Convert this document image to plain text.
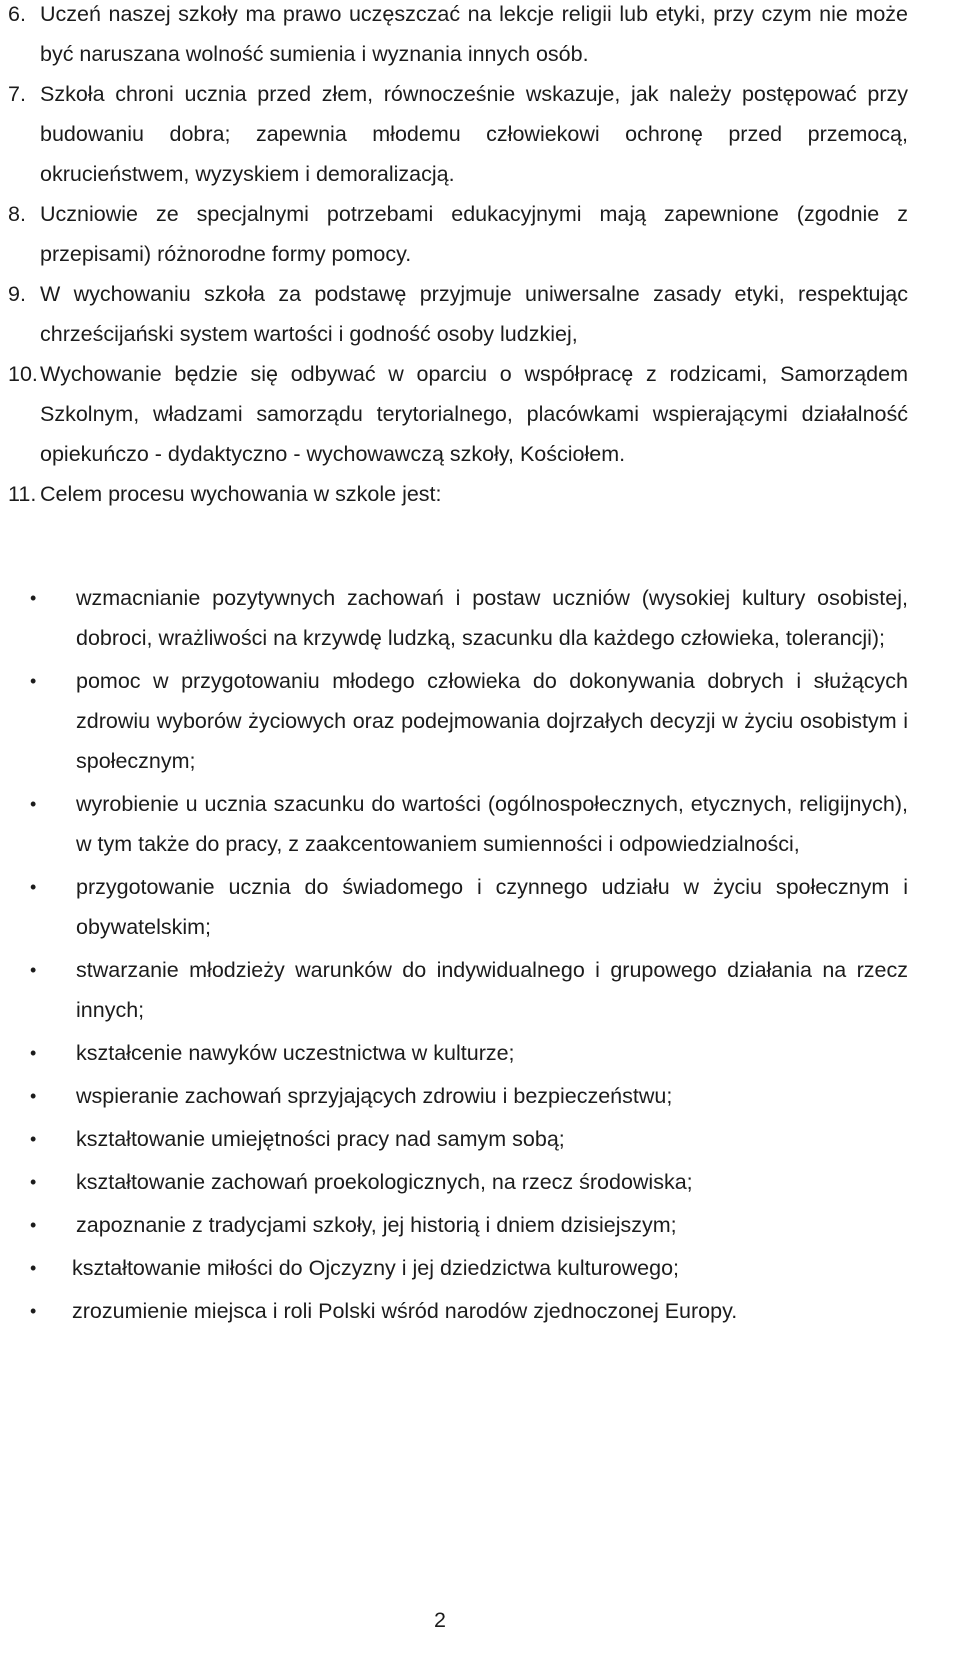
6. Uczeń naszej szkoły ma prawo uczęszczać na lekcje religii lub etyki, przy czym nie może być naruszana wolność sumienia i wyznania innych osób.
7. Szkoła chroni ucznia przed złem, równocześnie wskazuje, jak należy postępować przy budowaniu dobra; zapewnia młodemu człowiekowi ochronę przed przemocą, okrucieństwem, wyzyskiem i demoralizacją.
8. Uczniowie ze specjalnymi potrzebami edukacyjnymi mają zapewnione (zgodnie z przepisami) różnorodne formy pomocy.
9. W wychowaniu szkoła za podstawę przyjmuje uniwersalne zasady etyki, respektując chrześcijański system wartości i godność osoby ludzkiej,
10. Wychowanie będzie się odbywać w oparciu o współpracę z rodzicami, Samorządem Szkolnym, władzami samorządu terytorialnego, placówkami wspierającymi działalność opiekuńczo - dydaktyczno - wychowawczą szkoły, Kościołem.
11. Celem procesu wychowania w szkole jest:
•	wzmacnianie pozytywnych zachowań i postaw uczniów (wysokiej kultury osobistej, dobroci, wrażliwości na krzywdę ludzką, szacunku dla każdego człowieka, tolerancji);
•	pomoc w przygotowaniu młodego człowieka do dokonywania dobrych i służących zdrowiu wyborów życiowych oraz podejmowania dojrzałych decyzji w życiu osobistym i społecznym;
•	wyrobienie u ucznia szacunku do wartości (ogólnospołecznych, etycznych, religijnych), w tym także do pracy, z zaakcentowaniem sumienności i odpowiedzialności,
•	przygotowanie ucznia do świadomego i czynnego udziału w życiu społecznym i obywatelskim;
•	stwarzanie młodzieży warunków do indywidualnego i grupowego działania na rzecz innych;
•	kształcenie nawyków uczestnictwa w kulturze;
•	wspieranie zachowań sprzyjających zdrowiu i bezpieczeństwu;
•	kształtowanie umiejętności pracy nad samym sobą;
•	kształtowanie zachowań proekologicznych, na rzecz środowiska;
•	zapoznanie z tradycjami szkoły, jej historią i dniem dzisiejszym;
•	kształtowanie miłości do Ojczyzny i jej dziedzictwa kulturowego;
•	zrozumienie miejsca i roli Polski wśród narodów zjednoczonej Europy.
2
